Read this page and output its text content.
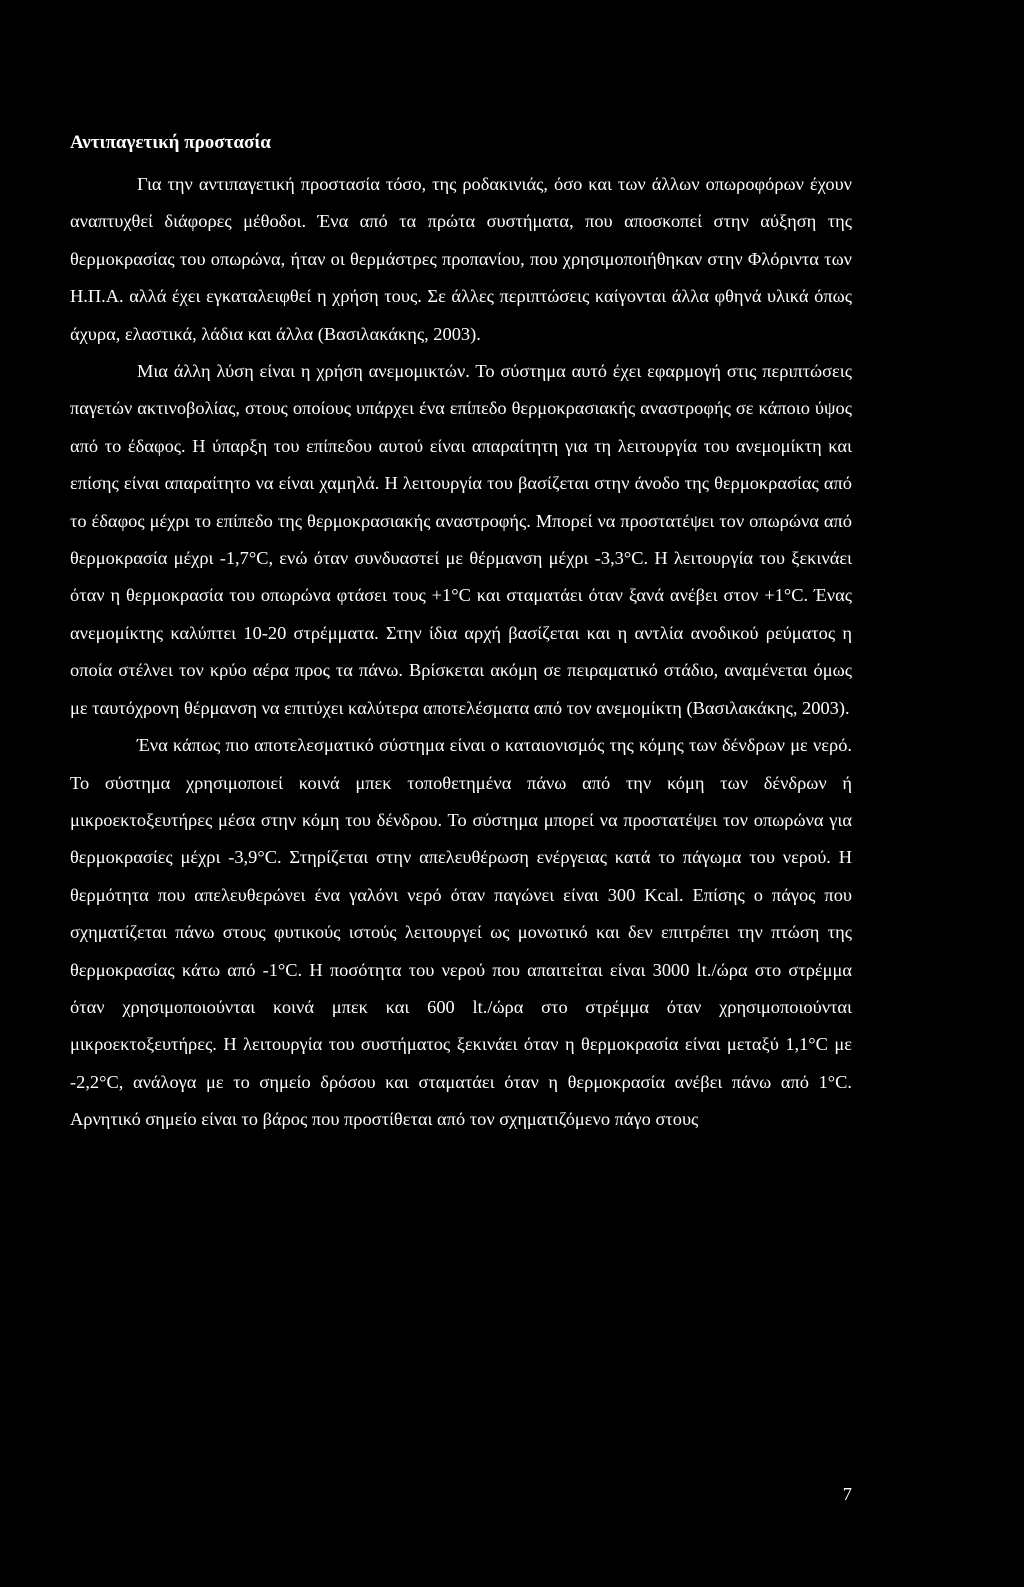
Αντιπαγετική προστασία

Για την αντιπαγετική προστασία τόσο, της ροδακινιάς, όσο και των άλλων οπωροφόρων έχουν αναπτυχθεί διάφορες μέθοδοι. Ένα από τα πρώτα συστήματα, που αποσκοπεί στην αύξηση της θερμοκρασίας του οπωρώνα, ήταν οι θερμάστρες προπανίου, που χρησιμοποιήθηκαν στην Φλόριντα των Η.Π.Α. αλλά έχει εγκαταλειφθεί η χρήση τους. Σε άλλες περιπτώσεις καίγονται άλλα φθηνά υλικά όπως άχυρα, ελαστικά, λάδια και άλλα (Βασιλακάκης, 2003).

Μια άλλη λύση είναι η χρήση ανεμομικτών. Το σύστημα αυτό έχει εφαρμογή στις περιπτώσεις παγετών ακτινοβολίας, στους οποίους υπάρχει ένα επίπεδο θερμοκρασιακής αναστροφής σε κάποιο ύψος από το έδαφος. Η ύπαρξη του επίπεδου αυτού είναι απαραίτητη για τη λειτουργία του ανεμομίκτη και επίσης είναι απαραίτητο να είναι χαμηλά. Η λειτουργία του βασίζεται στην άνοδο της θερμοκρασίας από το έδαφος μέχρι το επίπεδο της θερμοκρασιακής αναστροφής. Μπορεί να προστατέψει τον οπωρώνα από θερμοκρασία μέχρι -1,7°C, ενώ όταν συνδυαστεί με θέρμανση μέχρι -3,3°C. Η λειτουργία του ξεκινάει όταν η θερμοκρασία του οπωρώνα φτάσει τους +1°C και σταματάει όταν ξανά ανέβει στον +1°C. Ένας ανεμομίκτης καλύπτει 10-20 στρέμματα. Στην ίδια αρχή βασίζεται και η αντλία ανοδικού ρεύματος η οποία στέλνει τον κρύο αέρα προς τα πάνω. Βρίσκεται ακόμη σε πειραματικό στάδιο, αναμένεται όμως με ταυτόχρονη θέρμανση να επιτύχει καλύτερα αποτελέσματα από τον ανεμομίκτη (Βασιλακάκης, 2003).

Ένα κάπως πιο αποτελεσματικό σύστημα είναι ο καταιονισμός της κόμης των δένδρων με νερό. Το σύστημα χρησιμοποιεί κοινά μπεκ τοποθετημένα πάνω από την κόμη των δένδρων ή μικροεκτοξευτήρες μέσα στην κόμη του δένδρου. Το σύστημα μπορεί να προστατέψει τον οπωρώνα για θερμοκρασίες μέχρι -3,9°C. Στηρίζεται στην απελευθέρωση ενέργειας κατά το πάγωμα του νερού. Η θερμότητα που απελευθερώνει ένα γαλόνι νερό όταν παγώνει είναι 300 Kcal. Επίσης ο πάγος που σχηματίζεται πάνω στους φυτικούς ιστούς λειτουργεί ως μονωτικό και δεν επιτρέπει την πτώση της θερμοκρασίας κάτω από -1°C. Η ποσότητα του νερού που απαιτείται είναι 3000 lt./ώρα στο στρέμμα όταν χρησιμοποιούνται κοινά μπεκ και 600 lt./ώρα στο στρέμμα όταν χρησιμοποιούνται μικροεκτοξευτήρες. Η λειτουργία του συστήματος ξεκινάει όταν η θερμοκρασία είναι μεταξύ 1,1°C με -2,2°C, ανάλογα με το σημείο δρόσου και σταματάει όταν η θερμοκρασία ανέβει πάνω από 1°C. Αρνητικό σημείο είναι το βάρος που προστίθεται από τον σχηματιζόμενο πάγο στους

7
